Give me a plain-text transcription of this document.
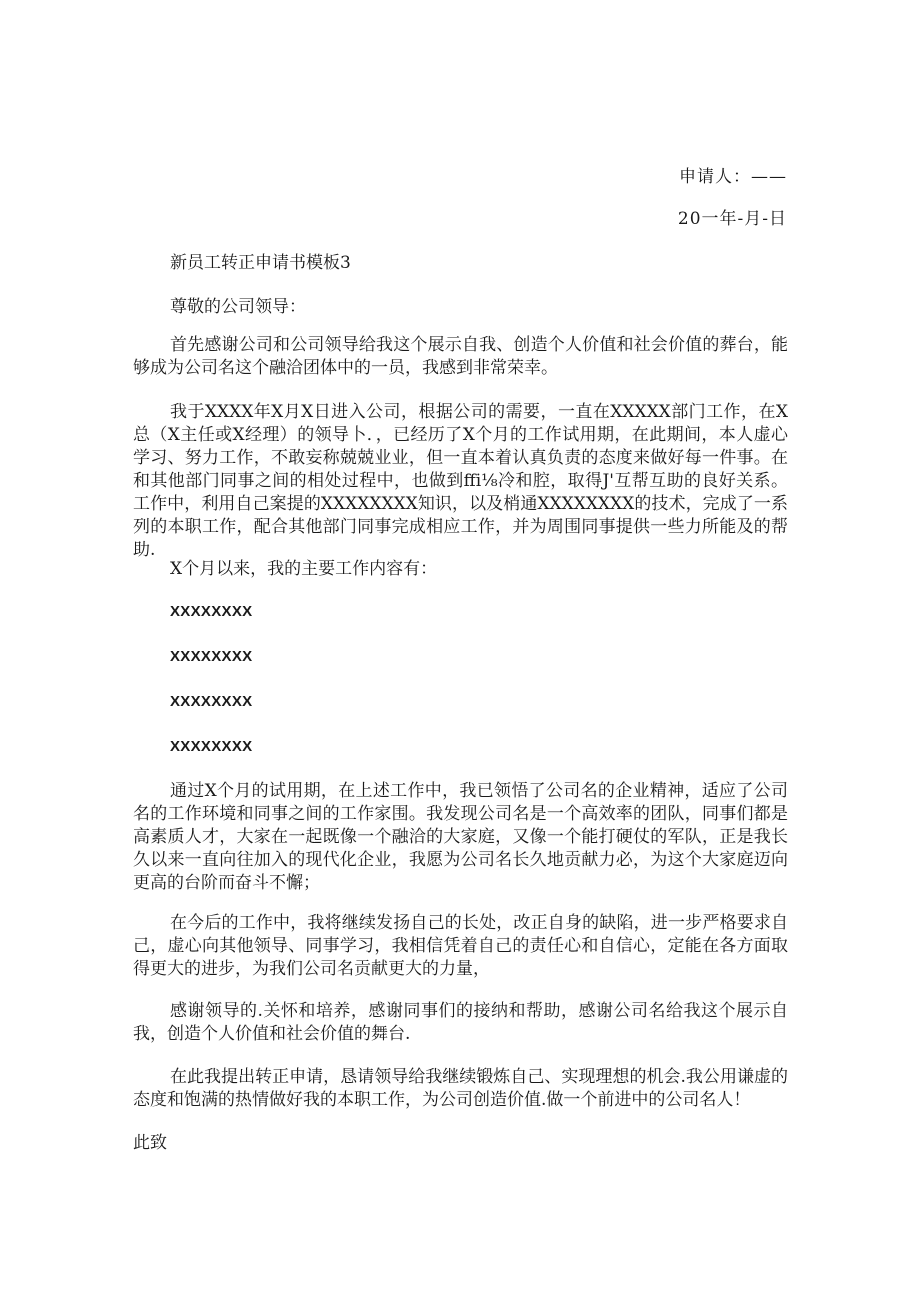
申请人：——
20一年-月-日
新员工转正申请书模板3
尊敬的公司领导：

首先感谢公司和公司领导给我这个展示自我、创造个人价值和社会价值的葬台，能够成为公司名这个融洽团体中的一员，我感到非常荣幸。

我于XXXX年X月X日进入公司，根据公司的需要，一直在XXXXX部门工作，在X总（X主任或X经理）的领导卜．，已经历了X个月的工作试用期，在此期间，本人虚心学习、努力工作，不敢妄称兢兢业业，但一直本着认真负责的态度来做好每一件事。在和其他部门同事之间的相处过程中，也做到ffi⅛冷和腔，取得J'互帮互助的良好关系。工作中，利用自己案提的XXXXXXXX知识，以及梢通XXXXXXXX的技术，完成了一系列的本职工作，配合其他部门同事完成相应工作，并为周围同事提供一些力所能及的帮助.

X个月以来，我的主要工作内容有：

XXXXXXXX
XXXXXXXX
XXXXXXXX
XXXXXXXX

通过X个月的试用期，在上述工作中，我已领悟了公司名的企业精神，适应了公司名的工作环境和同事之间的工作家围。我发现公司名是一个高效率的团队，同事们都是高素质人才，大家在一起既像一个融洽的大家庭，又像一个能打硬仗的军队，正是我长久以来一直向往加入的现代化企业，我愿为公司名长久地贡献力必，为这个大家庭迈向更高的台阶而奋斗不懈；

在今后的工作中，我将继续发扬自己的长处，改正自身的缺陷，进一步严格要求自己，虚心向其他领导、同事学习，我相信凭着自己的责任心和自信心，定能在各方面取得更大的进步，为我们公司名贡献更大的力量，

感谢领导的.关怀和培养，感谢同事们的接纳和帮助，感谢公司名给我这个展示自我，创造个人价值和社会价值的舞台.

在此我提出转正申请，恳请领导给我继续锻炼自己、实现理想的机会.我公用谦虚的态度和饱满的热情做好我的本职工作，为公司创造价值.做一个前进中的公司名人！

此致
